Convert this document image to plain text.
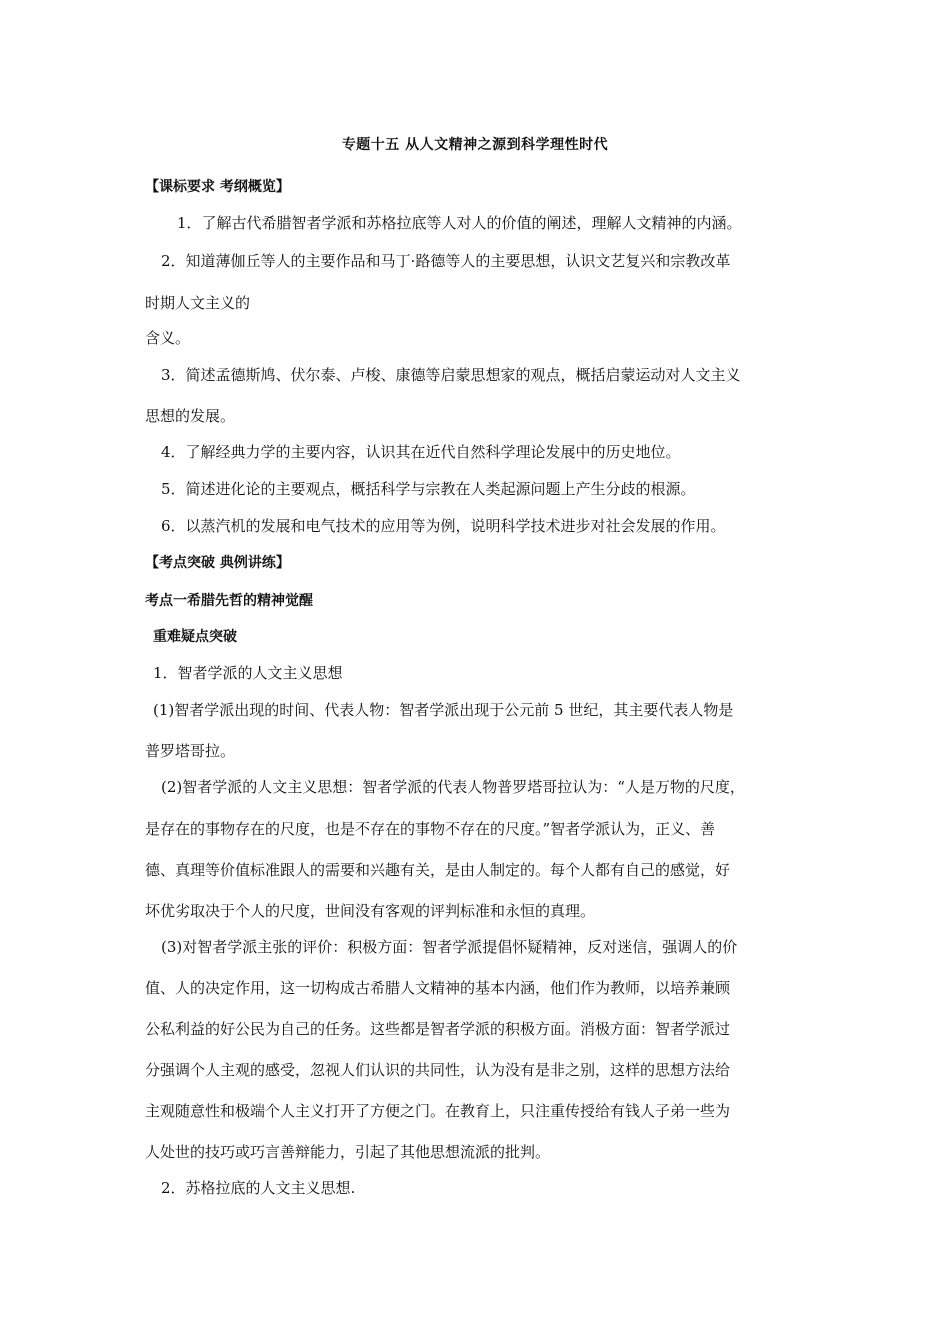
专题十五 从人文精神之源到科学理性时代
【课标要求 考纲概览】
1．了解古代希腊智者学派和苏格拉底等人对人的价值的阐述，理解人文精神的内涵。
2．知道薄伽丘等人的主要作品和马丁·路德等人的主要思想，认识文艺复兴和宗教改革
时期人文主义的
含义。
3．简述孟德斯鸠、伏尔泰、卢梭、康德等启蒙思想家的观点，概括启蒙运动对人文主义
思想的发展。
4．了解经典力学的主要内容，认识其在近代自然科学理论发展中的历史地位。
5．简述进化论的主要观点，概括科学与宗教在人类起源问题上产生分歧的根源。
6．以蒸汽机的发展和电气技术的应用等为例，说明科学技术进步对社会发展的作用。
【考点突破 典例讲练】
考点一希腊先哲的精神觉醒
重难疑点突破
1．智者学派的人文主义思想
(1)智者学派出现的时间、代表人物：智者学派出现于公元前 5 世纪，其主要代表人物是
普罗塔哥拉。
(2)智者学派的人文主义思想：智者学派的代表人物普罗塔哥拉认为：“人是万物的尺度，
是存在的事物存在的尺度，也是不存在的事物不存在的尺度。”智者学派认为，正义、善
德、真理等价值标准跟人的需要和兴趣有关，是由人制定的。每个人都有自己的感觉，好
坏优劣取决于个人的尺度，世间没有客观的评判标准和永恒的真理。
(3)对智者学派主张的评价：积极方面：智者学派提倡怀疑精神，反对迷信，强调人的价
值、人的决定作用，这一切构成古希腊人文精神的基本内涵，他们作为教师，以培养兼顾
公私利益的好公民为自己的任务。这些都是智者学派的积极方面。消极方面：智者学派过
分强调个人主观的感受，忽视人们认识的共同性，认为没有是非之别，这样的思想方法给
主观随意性和极端个人主义打开了方便之门。在教育上，只注重传授给有钱人子弟一些为
人处世的技巧或巧言善辩能力，引起了其他思想流派的批判。
2．苏格拉底的人文主义思想.
